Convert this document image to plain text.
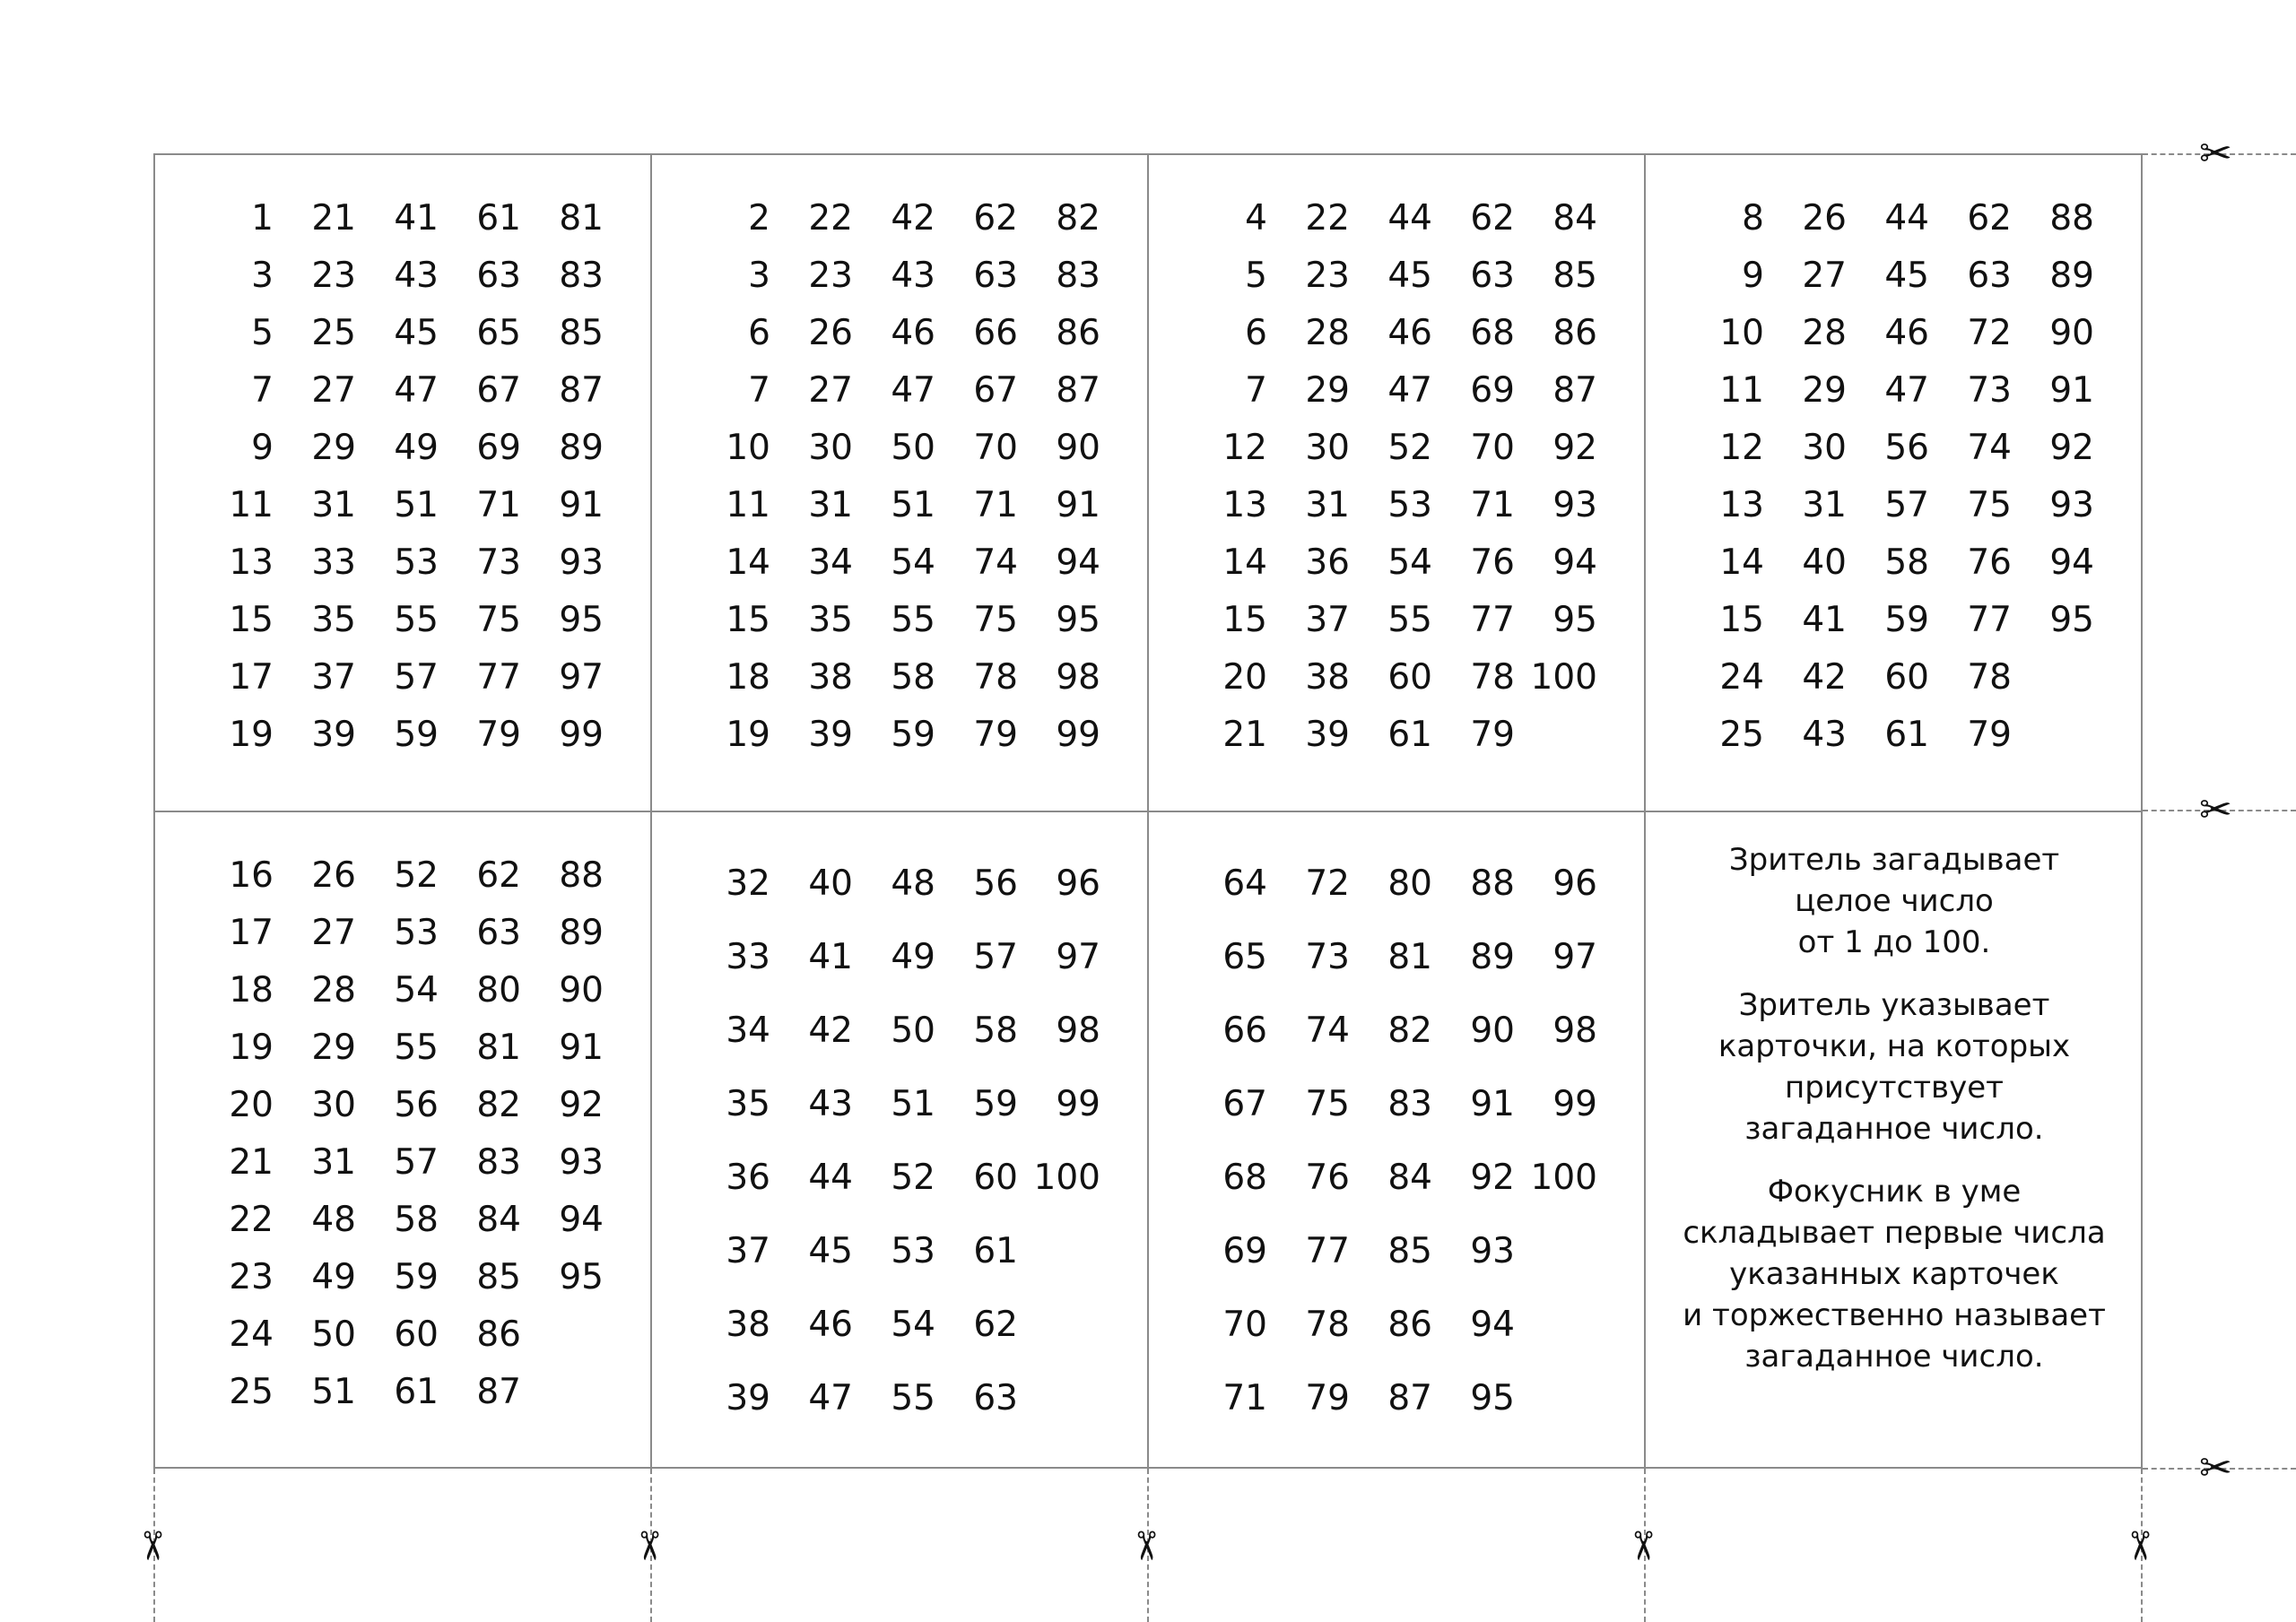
1	21	41	61	81
3	23	43	63	83
5	25	45	65	85
7	27	47	67	87
9	29	49	69	89
11	31	51	71	91
13	33	53	73	93
15	35	55	75	95
17	37	57	77	97
19	39	59	79	99
2	22	42	62	82
3	23	43	63	83
6	26	46	66	86
7	27	47	67	87
10	30	50	70	90
11	31	51	71	91
14	34	54	74	94
15	35	55	75	95
18	38	58	78	98
19	39	59	79	99
4	22	44	62	84
5	23	45	63	85
6	28	46	68	86
7	29	47	69	87
12	30	52	70	92
13	31	53	71	93
14	36	54	76	94
15	37	55	77	95
20	38	60	78	100
21	39	61	79	
8	26	44	62	88
9	27	45	63	89
10	28	46	72	90
11	29	47	73	91
12	30	56	74	92
13	31	57	75	93
14	40	58	76	94
15	41	59	77	95
24	42	60	78	
25	43	61	79	
16	26	52	62	88
17	27	53	63	89
18	28	54	80	90
19	29	55	81	91
20	30	56	82	92
21	31	57	83	93
22	48	58	84	94
23	49	59	85	95
24	50	60	86	
25	51	61	87	
32	40	48	56	96
33	41	49	57	97
34	42	50	58	98
35	43	51	59	99
36	44	52	60	100
37	45	53	61	
38	46	54	62	
39	47	55	63	
64	72	80	88	96
65	73	81	89	97
66	74	82	90	98
67	75	83	91	99
68	76	84	92	100
69	77	85	93	
70	78	86	94	
71	79	87	95	

Зритель загадывает
целое число
от 1 до 100.

Зритель указывает
карточки, на которых
присутствует
загаданное число.

Фокусник в уме
складывает первые числа
указанных карточек
и торжественно называет
загаданное число.

✂
✂
✂
✂	✂	✂	✂	✂
